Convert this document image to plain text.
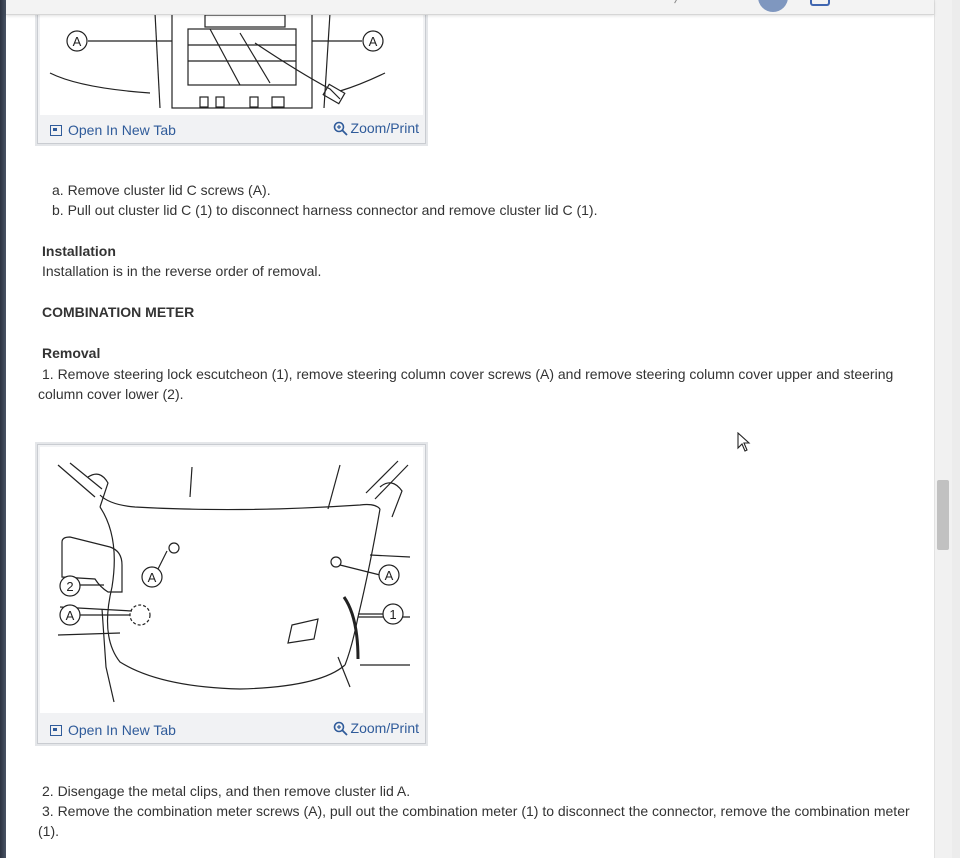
A	A
Open In New Tab	Zoom/Print
a. Remove cluster lid C screws (A).
b. Pull out cluster lid C (1) to disconnect harness connector and remove cluster lid C (1).
Installation
Installation is in the reverse order of removal.
COMBINATION METER
Removal
1. Remove steering lock escutcheon (1), remove steering column cover screws (A) and remove steering column cover upper and steering column cover lower (2).
A
2
A
A
1
Open In New Tab	Zoom/Print
2. Disengage the metal clips, and then remove cluster lid A.
3. Remove the combination meter screws (A), pull out the combination meter (1) to disconnect the connector, remove the combination meter (1).
